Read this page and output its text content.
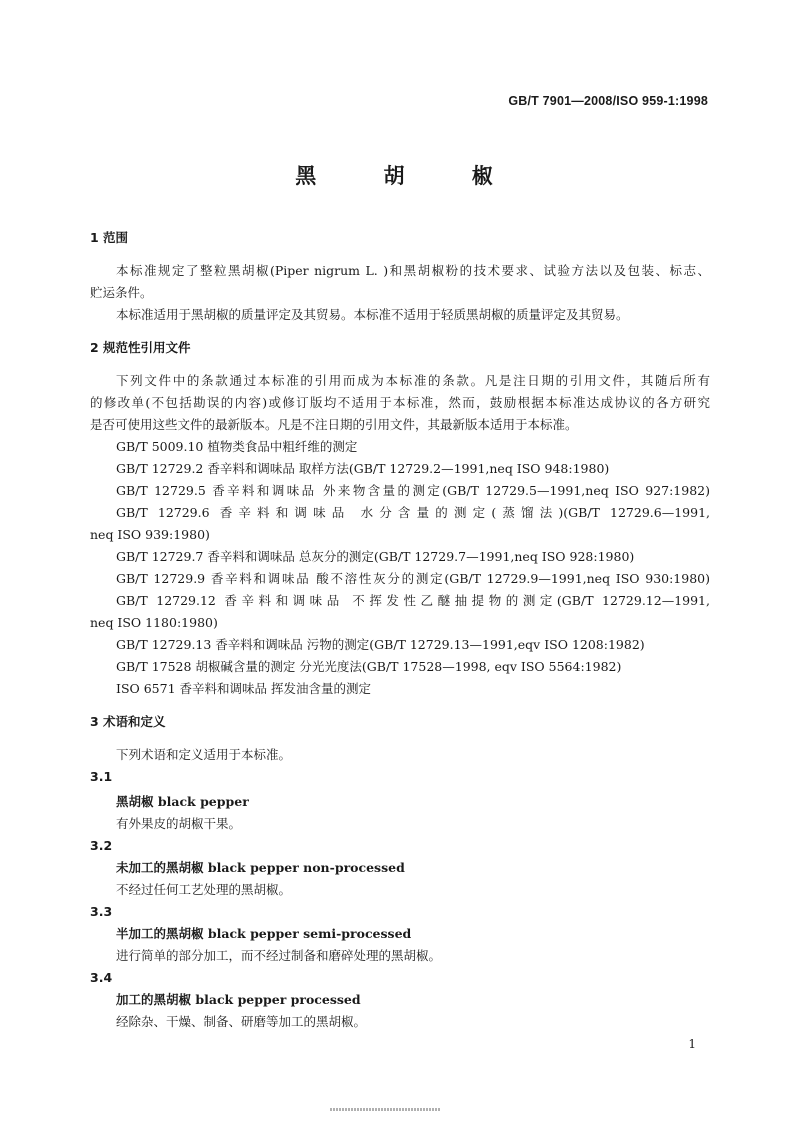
GB/T 7901—2008/ISO 959-1:1998
黑 胡 椒
1 范围
本标准规定了整粒黑胡椒(Piper nigrum L. )和黑胡椒粉的技术要求、试验方法以及包装、标志、
贮运条件。
本标准适用于黑胡椒的质量评定及其贸易。本标准不适用于轻质黑胡椒的质量评定及其贸易。
2 规范性引用文件
下列文件中的条款通过本标准的引用而成为本标准的条款。凡是注日期的引用文件，其随后所有
的修改单(不包括勘误的内容)或修订版均不适用于本标准，然而，鼓励根据本标准达成协议的各方研究
是否可使用这些文件的最新版本。凡是不注日期的引用文件，其最新版本适用于本标准。
GB/T 5009.10 植物类食品中粗纤维的测定
GB/T 12729.2 香辛料和调味品 取样方法(GB/T 12729.2—1991,neq ISO 948:1980)
GB/T 12729.5 香辛料和调味品 外来物含量的测定(GB/T 12729.5—1991,neq ISO 927:1982)
GB/T 12729.6 香辛料和调味品 水分含量的测定(蒸馏法)(GB/T 12729.6—1991,
neq ISO 939:1980)
GB/T 12729.7 香辛料和调味品 总灰分的测定(GB/T 12729.7—1991,neq ISO 928:1980)
GB/T 12729.9 香辛料和调味品 酸不溶性灰分的测定(GB/T 12729.9—1991,neq ISO 930:1980)
GB/T 12729.12 香辛料和调味品 不挥发性乙醚抽提物的测定(GB/T 12729.12—1991,
neq ISO 1180:1980)
GB/T 12729.13 香辛料和调味品 污物的测定(GB/T 12729.13—1991,eqv ISO 1208:1982)
GB/T 17528 胡椒碱含量的测定 分光光度法(GB/T 17528—1998, eqv ISO 5564:1982)
ISO 6571 香辛料和调味品 挥发油含量的测定
3 术语和定义
下列术语和定义适用于本标准。
3.1
黑胡椒 black pepper
有外果皮的胡椒干果。
3.2
未加工的黑胡椒 black pepper non-processed
不经过任何工艺处理的黑胡椒。
3.3
半加工的黑胡椒 black pepper semi-processed
进行简单的部分加工，而不经过制备和磨碎处理的黑胡椒。
3.4
加工的黑胡椒 black pepper processed
经除杂、干燥、制备、研磨等加工的黑胡椒。
1
